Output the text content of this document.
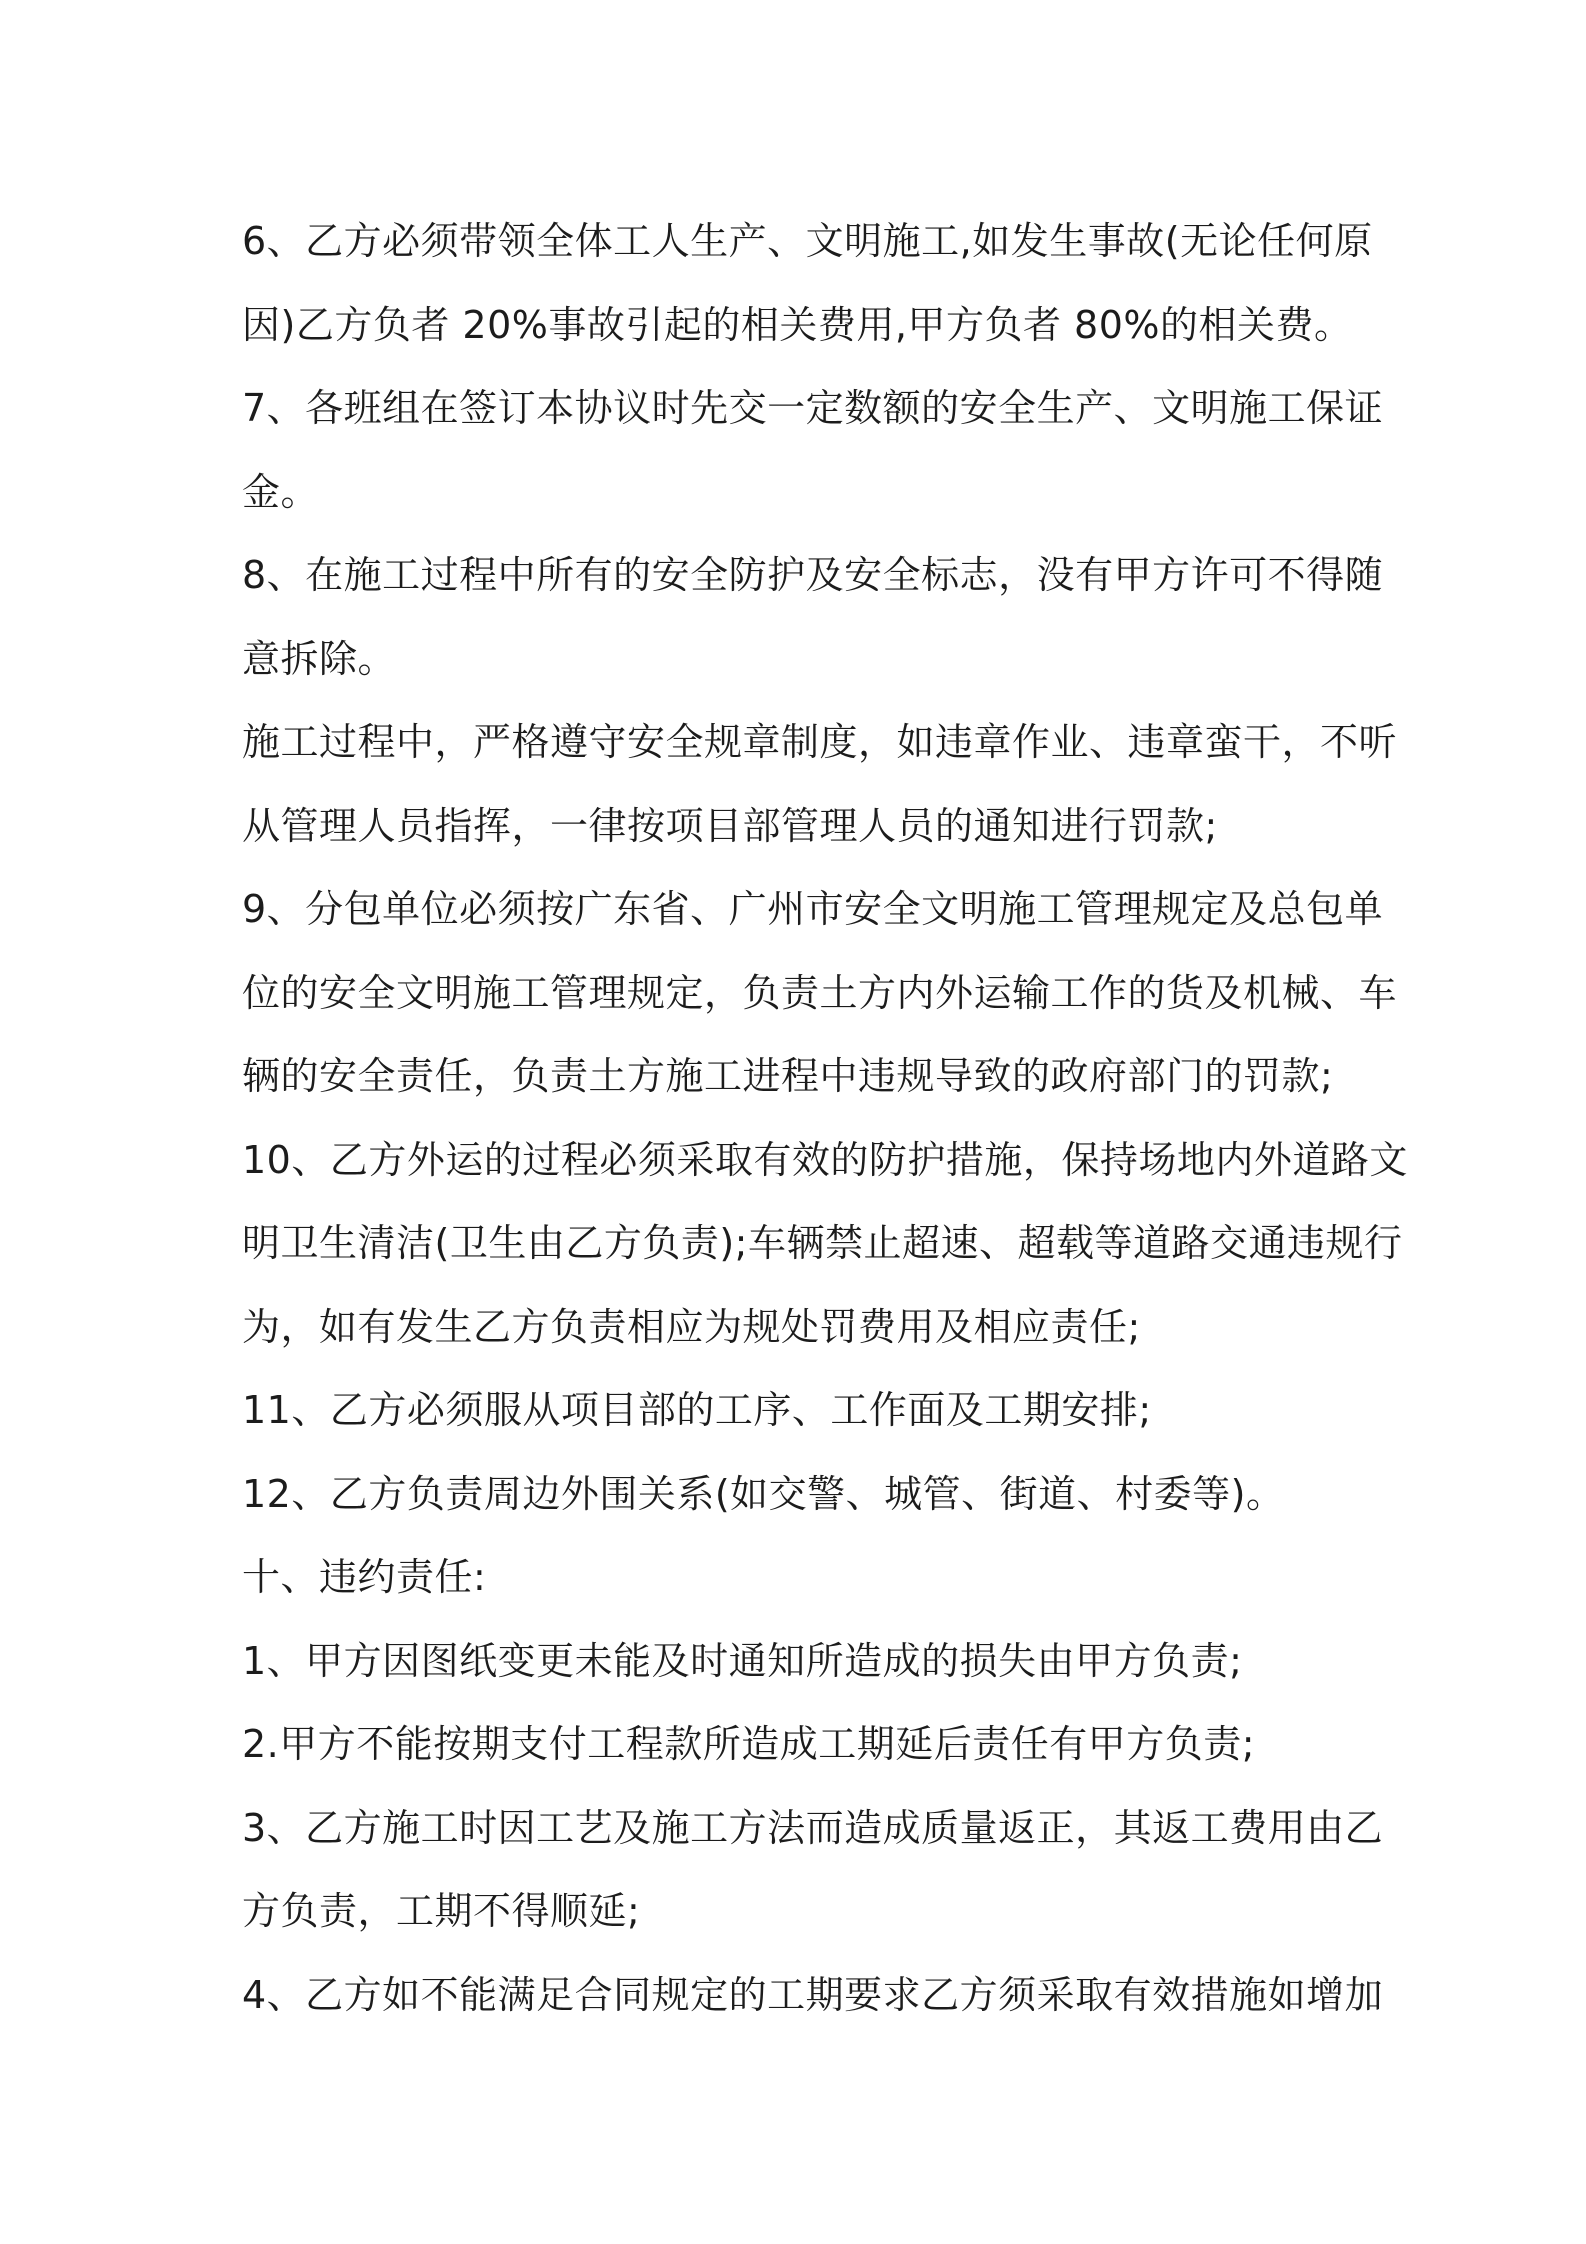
6、乙方必须带领全体工人生产、文明施工,如发生事故(无论任何原
因)乙方负者 20%事故引起的相关费用,甲方负者 80%的相关费。
7、各班组在签订本协议时先交一定数额的安全生产、文明施工保证
金。
8、在施工过程中所有的安全防护及安全标志，没有甲方许可不得随
意拆除。
施工过程中，严格遵守安全规章制度，如违章作业、违章蛮干，不听
从管理人员指挥，一律按项目部管理人员的通知进行罚款;
9、分包单位必须按广东省、广州市安全文明施工管理规定及总包单
位的安全文明施工管理规定，负责土方内外运输工作的货及机械、车
辆的安全责任，负责土方施工进程中违规导致的政府部门的罚款;
10、乙方外运的过程必须采取有效的防护措施，保持场地内外道路文
明卫生清洁(卫生由乙方负责);车辆禁止超速、超载等道路交通违规行
为，如有发生乙方负责相应为规处罚费用及相应责任;
11、乙方必须服从项目部的工序、工作面及工期安排;
12、乙方负责周边外围关系(如交警、城管、街道、村委等)。
十、违约责任:
1、甲方因图纸变更未能及时通知所造成的损失由甲方负责;
2.甲方不能按期支付工程款所造成工期延后责任有甲方负责;
3、乙方施工时因工艺及施工方法而造成质量返正，其返工费用由乙
方负责，工期不得顺延;
4、乙方如不能满足合同规定的工期要求乙方须采取有效措施如增加
